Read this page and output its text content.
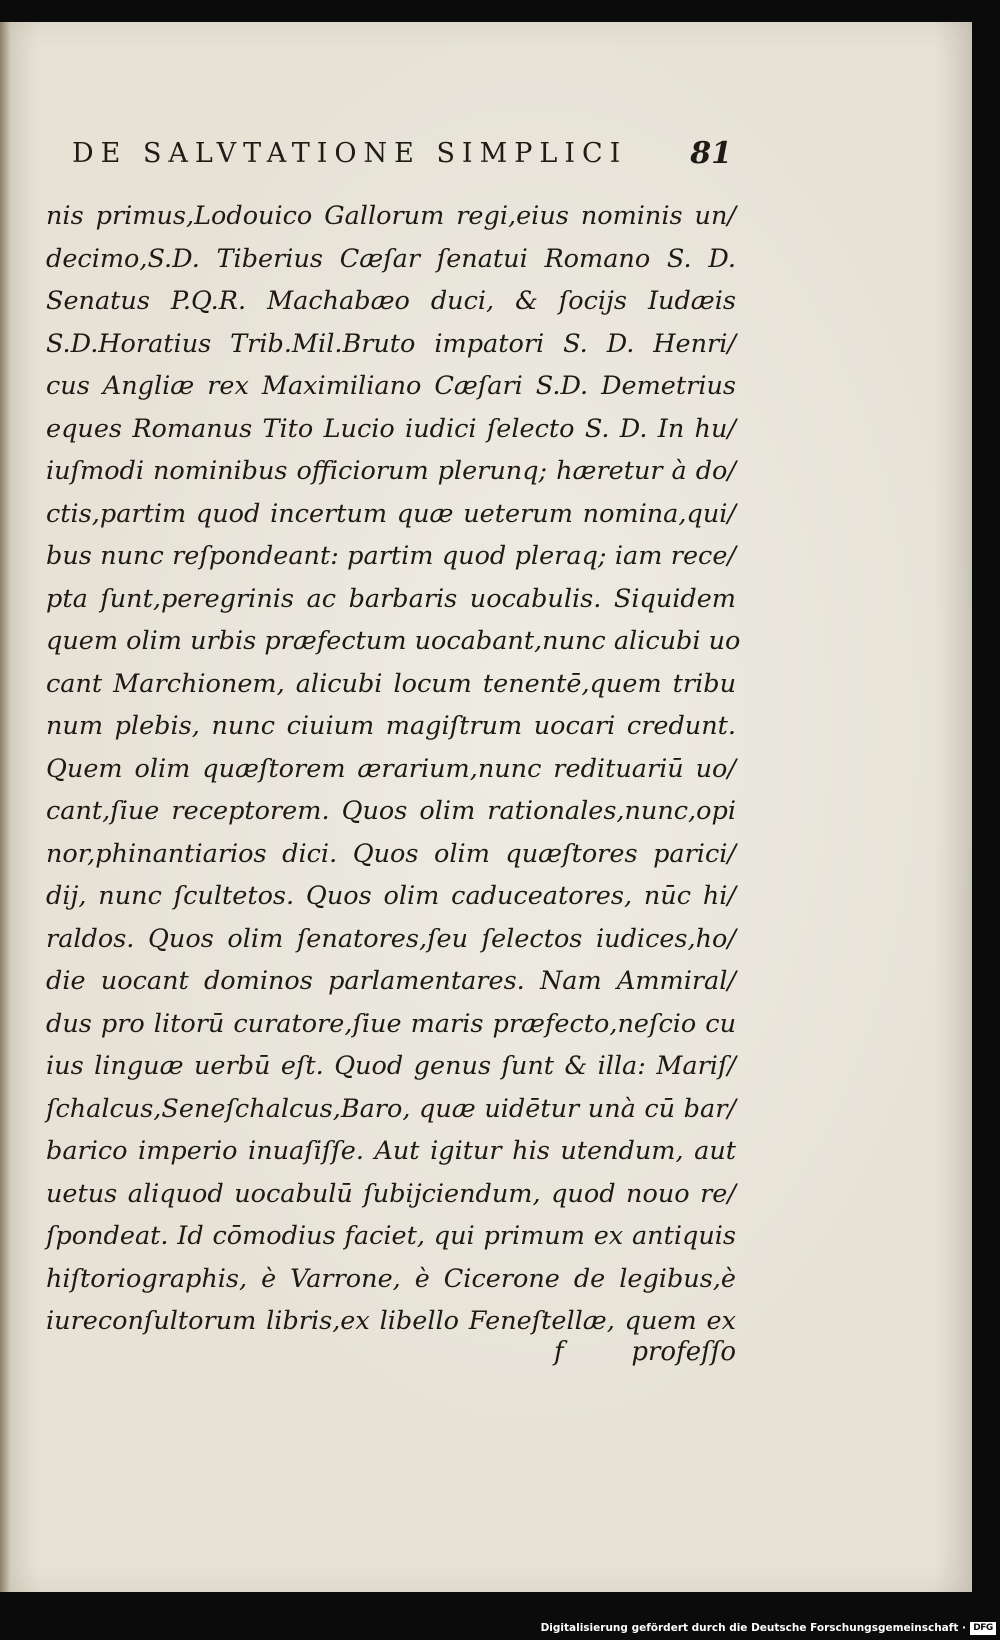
DE SALVTATIONE SIMPLICI 81
nis primus,Lodouico Gallorum regi,eius nominis un/
decimo,S.D. Tiberius Cæſar ſenatui Romano S. D.
Senatus P.Q.R. Machabæo duci, & ſocijs Iudæis
S.D.Horatius Trib.Mil.Bruto impatori S. D. Henri/
cus Angliæ rex Maximiliano Cæſari S.D. Demetrius
eques Romanus Tito Lucio iudici ſelecto S. D. In hu/
iuſmodi nominibus officiorum plerunq; hæretur à do/
ctis,partim quod incertum quæ ueterum nomina,qui/
bus nunc reſpondeant: partim quod pleraq; iam rece/
pta ſunt,peregrinis ac barbaris uocabulis. Siquidem
quem olim urbis præfectum uocabant,nunc alicubi uo
cant Marchionem, alicubi locum tenentē,quem tribu
num plebis, nunc ciuium magiſtrum uocari credunt.
Quem olim quæſtorem ærarium,nunc redituariū uo/
cant,ſiue receptorem. Quos olim rationales,nunc,opi
nor,phinantiarios dici. Quos olim quæſtores parici/
dij, nunc ſcultetos. Quos olim caduceatores, nūc hi/
raldos. Quos olim ſenatores,ſeu ſelectos iudices,ho/
die uocant dominos parlamentares. Nam Ammiral/
dus pro litorū curatore,ſiue maris præfecto,neſcio cu
ius linguæ uerbū eſt. Quod genus ſunt & illa: Mariſ/
ſchalcus,Seneſchalcus,Baro, quæ uidētur unà cū bar/
barico imperio inuaſiſſe. Aut igitur his utendum, aut
uetus aliquod uocabulū ſubijciendum, quod nouo re/
ſpondeat. Id cōmodius faciet, qui primum ex antiquis
hiſtoriographis, è Varrone, è Cicerone de legibus,è
iureconſultorum libris,ex libello Feneſtellæ, quem ex
f	profeſſo
Digitalisierung gefördert durch die Deutsche Forschungsgemeinschaft · DFG
